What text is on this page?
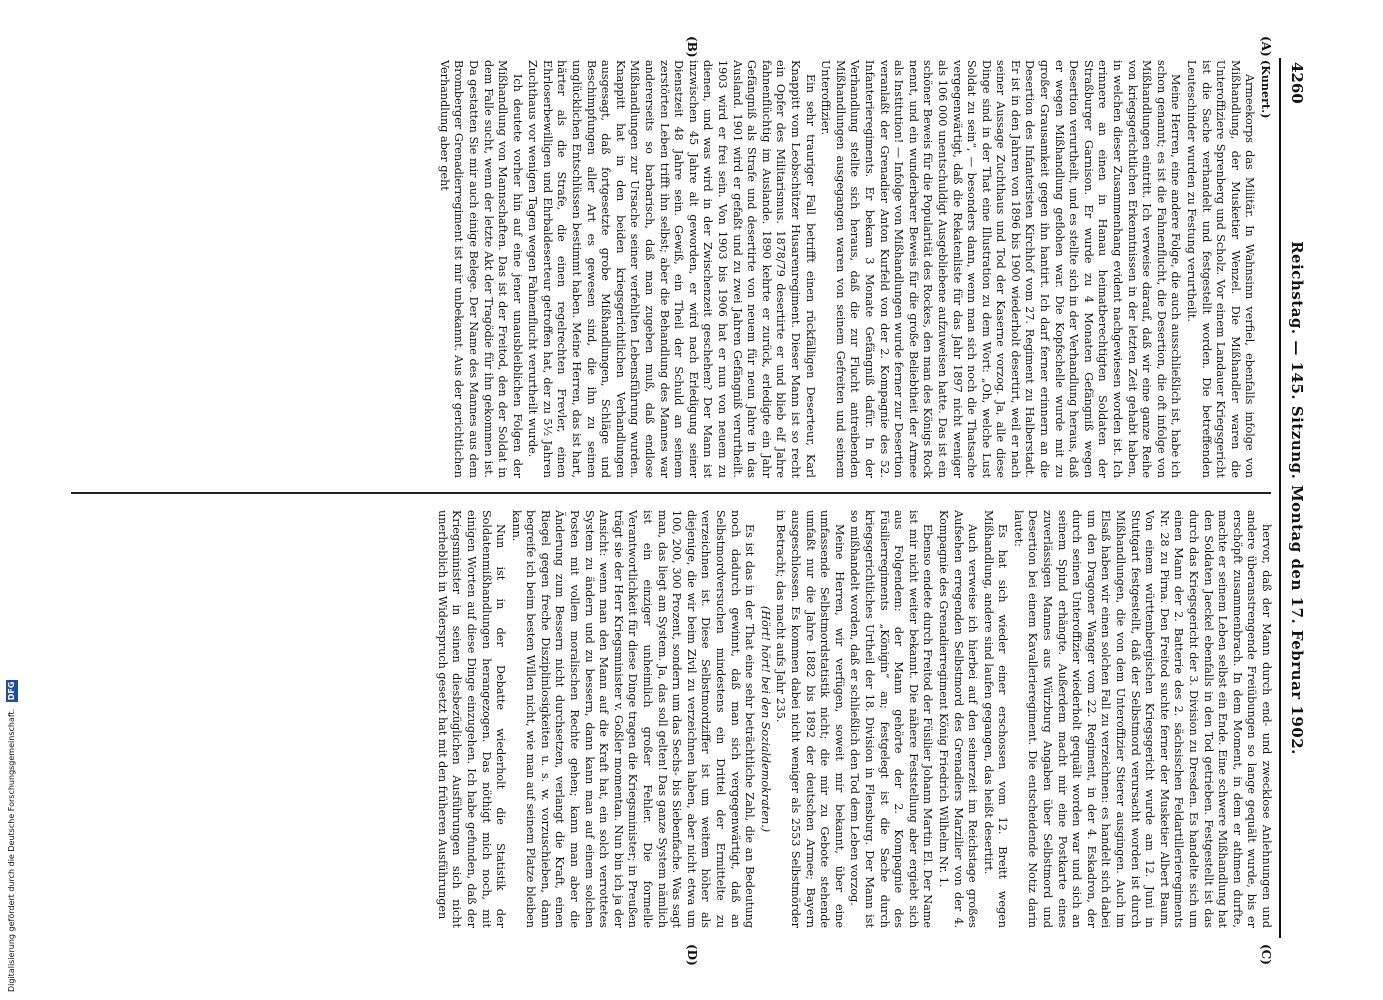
4260
Reichstag. — 145. Sitzung. Montag den 17. Februar 1902.
(A)
(B)
(C)
(D)

(Kunert.)

Armeekorps das Militär. In Wahnsinn verfiel, ebenfalls infolge von Mißhandlung, der Musketier Wenzel. Die Mißhandler waren die Unteroffiziere Sprenberg und Scholz. Vor einem Landauer Kriegsgericht ist die Sache verhandelt und festgestellt worden. Die betreffenden Leuteschinder wurden zu Festung verurtheilt.

Meine Herren, eine andere Folge, die auch ausschließlich ist, habe ich schon genannt; es ist die Fahnenflucht, die Desertion, die oft infolge von Mißhandlungen eintritt. Ich verweise darauf, daß wir eine ganze Reihe von kriegsgerichtlichen Erkenntnissen in der letzten Zeit gehabt haben, in welchen dieser Zusammenhang evident nachgewiesen worden ist. Ich erinnere an einen in Hanau heimatberechtigten Soldaten der Straßburger Garnison. Er wurde zu 4 Monaten Gefängniß wegen Desertion verurtheilt, und es stellte sich in der Verhandlung heraus, daß er wegen Mißhandlung geflohen war. Die Kopfschelle wurde mit zu großer Grausamkeit gegen ihn hantirt. Ich darf ferner erinnern an die Desertion des Infanteristen Kirchhof vom 27. Regiment zu Halberstadt. Er ist in den Jahren von 1896 bis 1900 wiederholt desertirt, weil er nach seiner Aussage Zuchthaus und Tod der Kaserne vorzog. Ja, alle diese Dinge sind in der That eine Illustration zu dem Wort: „Oh, welche Lust Soldat zu sein“, — besonders dann, wenn man sich noch die Thatsache vergegenwärtigt, daß die Rekatenliste für das Jahr 1897 nicht weniger als 106 000 unentschuldigt Ausgebliebene aufzuweisen hatte. Das ist ein schöner Beweis für die Popularität des Rockes, den man des Königs Rock nennt, und ein wunderbarer Beweis für die große Beliebtheit der Armee als Institution! — Infolge von Mißhandlungen wurde ferner zur Desertion veranlaßt der Grenadier Anton Kurfeld von der 2. Kompagnie des 52. Infanterieregiments. Er bekam 3 Monate Gefängniß dafür. In der Verhandlung stellte sich heraus, daß die zur Flucht antreibenden Mißhandlungen ausgegangen waren von seinem Gefreiten und seinem Unteroffizier.

Ein sehr trauriger Fall betrifft einen rückfälligen Deserteur, Karl Knappitt vom Leobschützer Husarenregiment. Dieser Mann ist so recht ein Opfer des Militarismus. 1878/79 desertirte er und blieb elf Jahre fahnenflüchtig im Auslande. 1890 kehrte er zurück, erledigte ein Jahr Gefängniß als Strafe und desertirte von neuem für neun Jahre in das Ausland. 1901 wird er gefaßt und zu zwei Jahren Gefängniß verurtheilt. 1903 wird er frei sein. Von 1903 bis 1906 hat er nun von neuem zu dienen, und was wird in der Zwischenzeit geschehen? Der Mann ist inzwischen 45 Jahre alt geworden, er wird nach Erledigung seiner Dienstzeit 48 Jahre sein. Gewiß, ein Theil der Schuld an seinem zerstörten Leben trifft ihn selbst; aber die Behandlung des Mannes war andererseits so barbarisch, daß man zugeben muß, daß endlose Mißhandlungen zur Ursache seiner verfehlten Lebensführung wurden. Knappitt hat in den beiden kriegsgerichtlichen Verhandlungen ausgesagt, daß fortgesetzte grobe Mißhandlungen, Schläge und Beschimpfungen aller Art es gewesen sind, die ihn zu seinen unglücklichen Entschlüssen bestimmt haben. Meine Herren, das ist hart, härter als die Strafe, die einen regelrechten Frevler, einen Ehrloserbewilligen und Ehrbaldeserteur getroffen hat, der zu 5½ Jahren Zuchthaus vor wenigen Tagen wegen Fahnenflucht verurtheilt wurde.

Ich deutete vorher hin auf eine jener unausbleiblichen Folgen der Mißhandlung von Mannschaften. Das ist der Freitod, den der Soldat in dem Falle sucht, wenn der letzte Akt der Tragödie für ihn gekommen ist. Da gestatten Sie mir auch einige Belege. Der Name des Mannes aus dem Bromberger Grenadierregiment ist mir unbekannt. Aus der gerichtlichen Verhandlung aber geht

hervor, daß der Mann durch end- und zwecklose Anlehnungen und andere überanstrengende Freiübungen so lange gequält wurde, bis er erschöpft zusammenbrach. In dem Moment, in dem er athmen durfte, machte er seinem Leben selbst ein Ende. Eine schwere Mißhandlung hat den Soldaten Jaeckel ebenfalls in den Tod getrieben. Festgestellt ist das durch das Kriegsgericht der 3. Division zu Dresden. Es handelte sich um einen Mann der 2. Batterie des 2. sächsischen Feldartillerieregiments Nr. 28 zu Pirna. Den Freitod suchte ferner der Musketier Albert Baum. Von einem württembergischen Kriegsgericht wurde am 12. Juni in Stuttgart festgestellt, daß der Selbstmord verursacht worden ist durch Mißhandlungen, die von dem Unteroffizier Stierer ausgingen. Auch im Elsaß haben wir einen solchen Fall zu verzeichnen: es handelt sich dabei um den Dragoner Wanger vom 22. Regiment, in der 4. Eskadron, der durch seinen Unteroffizier wiederholt gequält worden war und sich an seinem Spind erhängte. Außerdem macht mir eine Postkarte eines zuverlässigen Mannes aus Würzburg Angaben über Selbstmord und Desertion bei einem Kavallerieregiment. Die entscheidende Notiz darin lautet:

Es hat sich wieder einer erschossen vom 12. Breitt wegen Mißhandlung, andere sind laufen gegangen, das heißt desertirt.

Auch verweise ich hierbei auf den seinerzeit im Reichstage großes Aufsehen erregenden Selbstmord des Grenadiers Marzilier von der 4. Kompagnie des Grenadierregiment König Friedrich Wilhelm Nr. 1.

Ebenso endete durch Freitod der Füsilier Johann Martin El. Der Name ist mir nicht weiter bekannt. Die nähere Feststellung aber ergiebt sich aus Folgendem: der Mann gehörte der 2. Kompagnie des Füsilierregiments „Königin“ an; festgelegt ist die Sache durch kriegsgerichtliches Urtheil der 18. Division in Flensburg. Der Mann ist so mißhandelt worden, daß er schließlich den Tod dem Leben vorzog.

Meine Herren, wir verfügen, soweit mir bekannt, über eine umfassende Selbstmordstatistik nicht; die mir zu Gebote stehende umfaßt nur die Jahre 1882 bis 1892 der deutschen Armee; Bayern ausgeschlossen. Es kommen dabei nicht weniger als 2553 Selbstmörder in Betracht; das macht aufs Jahr 235.

(Hört! hört! bei den Sozialdemokraten.)

Es ist das in der That eine sehr beträchtliche Zahl, die an Bedeutung noch dadurch gewinnt, daß man sich vergegenwärtigt, daß an Selbstmordversuchen mindestens ein Drittel der Ermittelte zu verzeichnen ist. Diese Selbstmordziffer ist um weitem höher als diejenige, die wir beim Zivil zu verzeichnen haben, aber nicht etwa um 100, 200, 300 Prozent, sondern um das Sechs- bis Siebenfache. Was sagt man, das liegt am System. Ja, das soll gelten! Das ganze System nämlich ist ein einziger unheimlich großer Fehler. Die formelle Verantwortlichkeit für diese Dinge tragen die Kriegsminister; in Preußen trägt sie der Herr Kriegsminister v. Goßler momentan. Nun bin ich ja der Ansicht: wenn man den Mann auf die Kraft hat, ein solch verrottetes System zu ändern und zu bessern, dann kann man auf einem solchen Posten mit vollem moralischen Rechte gehen; kann man aber die Änderung zum Bessern nicht durchsetzen, verlangt die Kraft, einen Riegel gegen freche Disziplinlosigkeiten u. s. w. vorzuschieben, dann begreife ich beim besten Willen nicht, wie man auf seinem Platze bleiben kann.

Nun ist in der Debatte wiederholt die Statistik der Soldatenmißhandlungen herangezogen. Das nöthigt mich noch, mit einigen Worten auf diese Dinge einzugehen. Ich habe gefunden, daß der Kriegsminister in seinen diesbezüglichen Ausführungen sich nicht unerheblich in Widerspruch gesetzt hat mit den früheren Ausführungen

Digitalisierung gefördert durch die Deutsche Forschungsgemeinschaft. DFG
